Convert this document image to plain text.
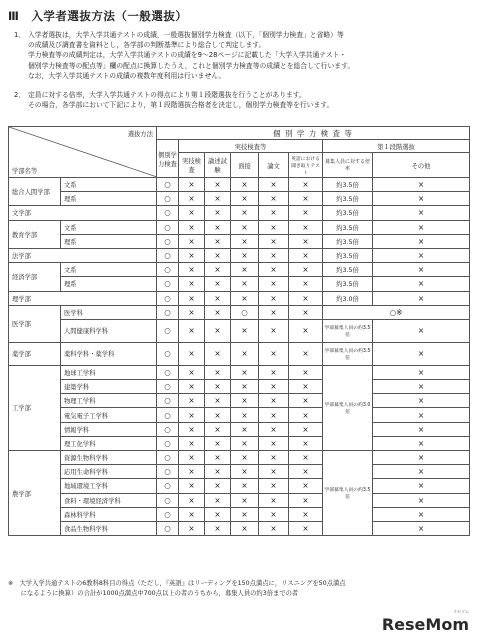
Ⅲ　入学者選抜方法（一般選抜）
1． 入学者選抜は，大学入学共通テストの成績，一般選抜個別学力検査（以下，「個別学力検査」と省略）等
の成績及び調査書を資料とし，各学部の判断基準により総合して判定します。
学力検査等の成績判定は，大学入学共通テストの成績を9～28ページに記載した「大学入学共通テスト・
個別学力検査等の配点等」欄の配点に換算したうえ，これと個別学力検査等の成績とを総合して行います。
なお，大学入学共通テストの成績の複数年度利用は行いません。
2． 定員に対する倍率，大学入学共通テストの得点により第１段階選抜を行うことがあります。
その場合，各学部において下記により，第１段階選抜合格者を決定し，個別学力検査等を行います。
選抜方法
学部名等		個 別 学 力 検 査 等							
		個別学力検査	実技検査等					第１段階選抜	
			実技検査	論述試験	面接	論文	英語における聞き取りテスト	募集人員に対する倍率	その他
総合人間学部	文系	○	×	×	×	×	×	約3.5倍	×
	理系	○	×	×	×	×	×	約3.5倍	×
文学部		○	×	×	×	×	×	約3.5倍	×
教育学部	文系	○	×	×	×	×	×	約3.5倍	×
	理系	○	×	×	×	×	×	約3.5倍	×
法学部		○	×	×	×	×	×	約3.5倍	×
経済学部	文系	○	×	×	×	×	×	約3.5倍	×
	理系	○	×	×	×	×	×	約3.5倍	×
理学部		○	×	×	×	×	×	約3.0倍	×
医学部	医学科	○	×	×	○	×	×	○※	
	人間健康科学科	○	×	×	×	×	×	学部募集人員の約3.5倍	×
薬学部	薬科学科・薬学科	○	×	×	×	×	×	学部募集人員の約3.5倍	×
工学部	地球工学科	○	×	×	×	×	×	学部募集人員の約3.0倍	×
	建築学科	○	×	×	×	×	×		×
	物理工学科	○	×	×	×	×	×		×
	電気電子工学科	○	×	×	×	×	×		×
	情報学科	○	×	×	×	×	×		×
	理工化学科	○	×	×	×	×	×		×
農学部	資源生物科学科	○	×	×	×	×	×	学部募集人員の約3.5倍	×
	応用生命科学科	○	×	×	×	×	×		×
	地域環境工学科	○	×	×	×	×	×		×
	食料・環境経済学科	○	×	×	×	×	×		×
	森林科学科	○	×	×	×	×	×		×
	食品生物科学科	○	×	×	×	×	×		×
※　大学入学共通テストの6教科8科目の得点（ただし，『英語』はリーディングを150点満点に，リスニングを50点満点
　　になるように換算）の合計が1000点満点中700点以上の者のうちから，募集人員の約3倍までの者
リセマム
ReseMom
